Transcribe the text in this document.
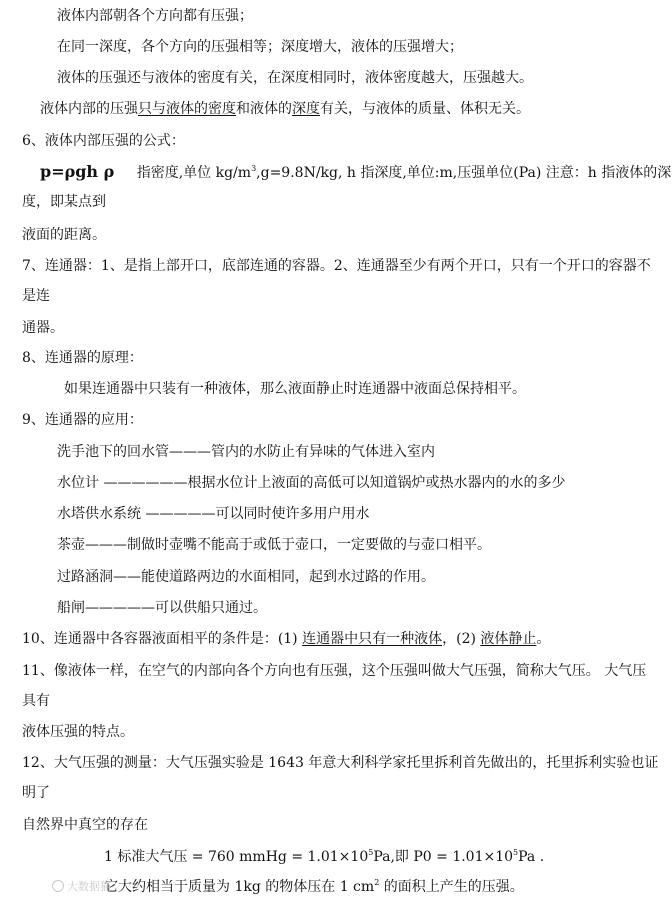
液体内部朝各个方向都有压强；
在同一深度，各个方向的压强相等；深度增大，液体的压强增大；
液体的压强还与液体的密度有关，在深度相同时，液体密度越大，压强越大。
液体内部的压强只与液体的密度和液体的深度有关，与液体的质量、体积无关。
6、液体内部压强的公式：
p=ρgh ρ 指密度,单位 $kg/m^3,g=9.8N/kg$, h 指深度,单位:m,压强单位(Pa) 注意：h 指液体的深
度，即某点到
液面的距离。
7、连通器：1、是指上部开口，底部连通的容器。2、连通器至少有两个开口，只有一个开口的容器不
是连
通器。
8、连通器的原理：
如果连通器中只装有一种液体，那么液面静止时连通器中液面总保持相平。
9、连通器的应用：
洗手池下的回水管———管内的水防止有异味的气体进入室内
水位计 ——————根据水位计上液面的高低可以知道锅炉或热水器内的水的多少
水塔供水系统 —————可以同时使许多用户用水
茶壶———制做时壶嘴不能高于或低于壶口，一定要做的与壶口相平。
过路涵洞——能使道路两边的水面相同，起到水过路的作用。
船闸—————可以供船只通过。
10、连通器中各容器液面相平的条件是：(1) 连通器中只有一种液体，(2) 液体静止。
11、像液体一样，在空气的内部向各个方向也有压强，这个压强叫做大气压强，简称大气压。 大气压
具有
液体压强的特点。
12、大气压强的测量：大气压强实验是 1643 年意大利科学家托里拆利首先做出的，托里拆利实验也证
明了
自然界中真空的存在
1 标准大气压 = 760 mmHg = $1.01\times 10^5Pa$,即 $P0 = 1.01\times 10^5Pa$ .
它大约相当于质量为 1kg 的物体压在 1 $cm^2$ 的面积上产生的压强。
大数据猫
